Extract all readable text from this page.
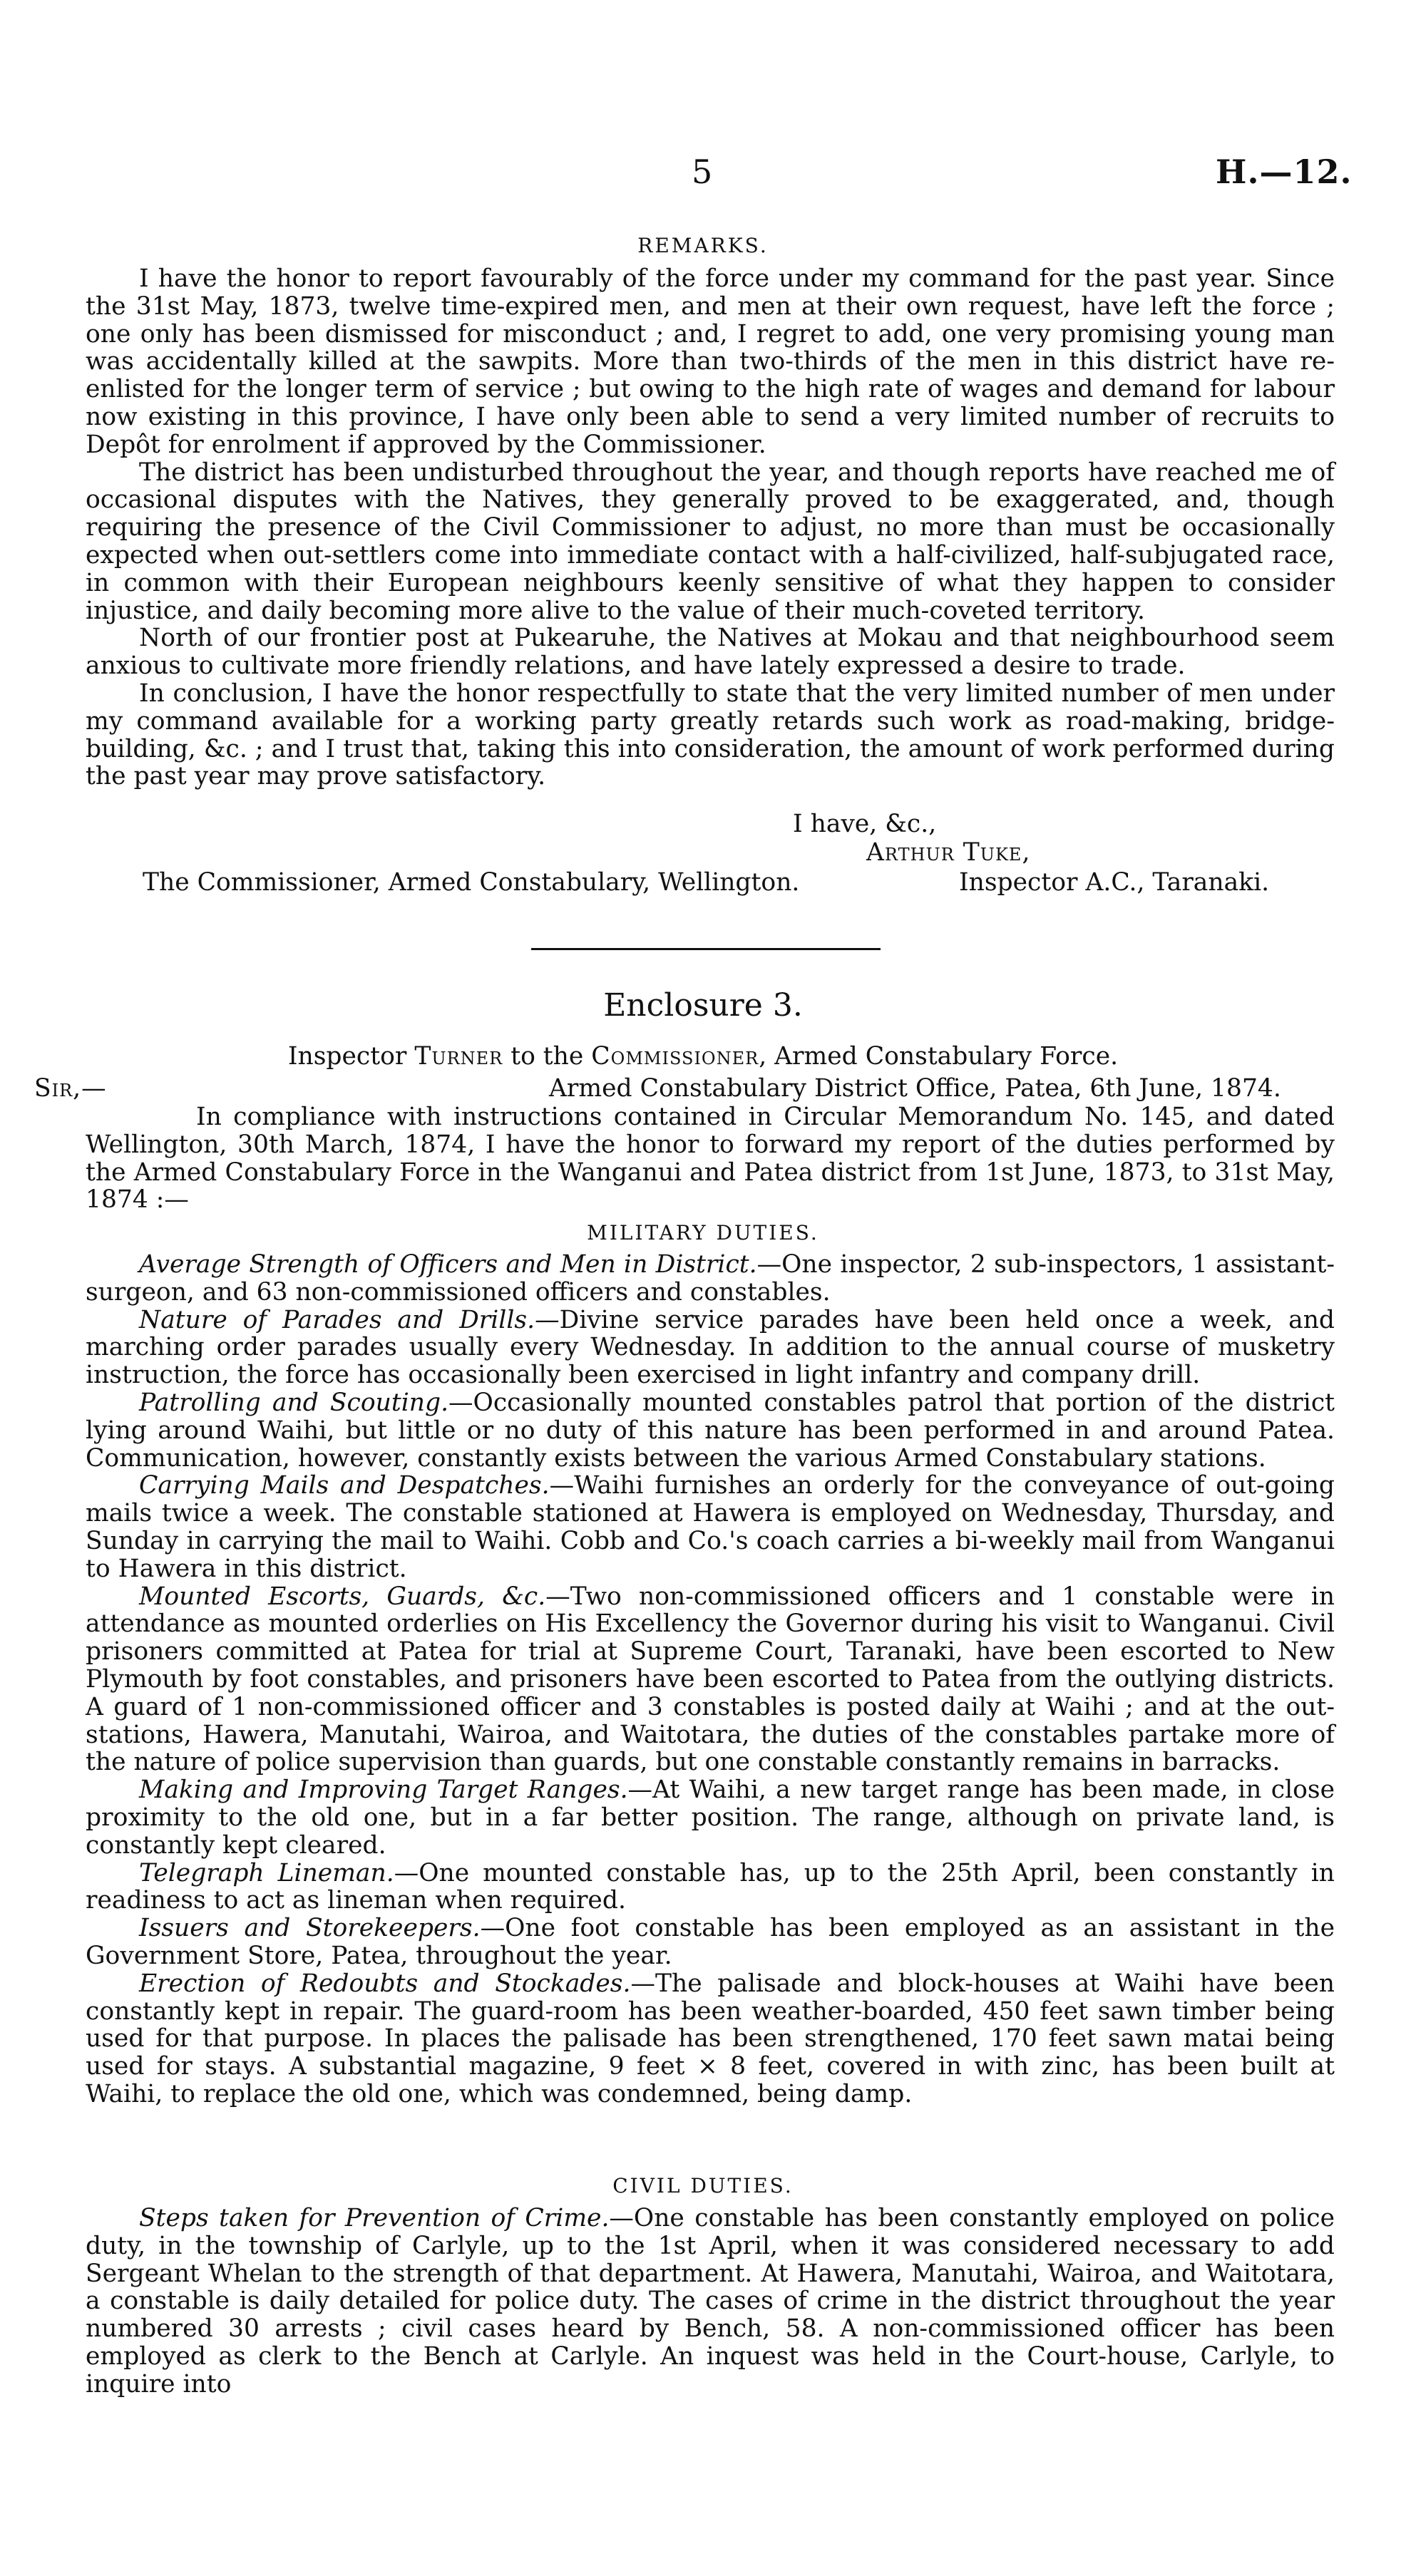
5	H.—12.
REMARKS.

I have the honor to report favourably of the force under my command for the past year. Since the 31st May, 1873, twelve time-expired men, and men at their own request, have left the force ; one only has been dismissed for misconduct ; and, I regret to add, one very promising young man was accidentally killed at the sawpits. More than two-thirds of the men in this district have re-enlisted for the longer term of service ; but owing to the high rate of wages and demand for labour now existing in this province, I have only been able to send a very limited number of recruits to Depôt for enrolment if approved by the Commissioner.

The district has been undisturbed throughout the year, and though reports have reached me of occasional disputes with the Natives, they generally proved to be exaggerated, and, though requiring the presence of the Civil Commissioner to adjust, no more than must be occasionally expected when out-settlers come into immediate contact with a half-civilized, half-subjugated race, in common with their European neighbours keenly sensitive of what they happen to consider injustice, and daily becoming more alive to the value of their much-coveted territory.

North of our frontier post at Pukearuhe, the Natives at Mokau and that neighbourhood seem anxious to cultivate more friendly relations, and have lately expressed a desire to trade.

In conclusion, I have the honor respectfully to state that the very limited number of men under my command available for a working party greatly retards such work as road-making, bridge-building, &c. ; and I trust that, taking this into consideration, the amount of work performed during the past year may prove satisfactory.

I have, &c.,
Arthur Tuke,
The Commissioner, Armed Constabulary, Wellington.	Inspector A.C., Taranaki.
Enclosure 3.
Inspector Turner to the Commissioner, Armed Constabulary Force.
Sir,—	Armed Constabulary District Office, Patea, 6th June, 1874.

In compliance with instructions contained in Circular Memorandum No. 145, and dated Wellington, 30th March, 1874, I have the honor to forward my report of the duties performed by the Armed Constabulary Force in the Wanganui and Patea district from 1st June, 1873, to 31st May, 1874 :—

MILITARY DUTIES.

Average Strength of Officers and Men in District.—One inspector, 2 sub-inspectors, 1 assistant-surgeon, and 63 non-commissioned officers and constables.

Nature of Parades and Drills.—Divine service parades have been held once a week, and marching order parades usually every Wednesday. In addition to the annual course of musketry instruction, the force has occasionally been exercised in light infantry and company drill.

Patrolling and Scouting.—Occasionally mounted constables patrol that portion of the district lying around Waihi, but little or no duty of this nature has been performed in and around Patea. Communication, however, constantly exists between the various Armed Constabulary stations.

Carrying Mails and Despatches.—Waihi furnishes an orderly for the conveyance of out-going mails twice a week. The constable stationed at Hawera is employed on Wednesday, Thursday, and Sunday in carrying the mail to Waihi. Cobb and Co.'s coach carries a bi-weekly mail from Wanganui to Hawera in this district.

Mounted Escorts, Guards, &c.—Two non-commissioned officers and 1 constable were in attendance as mounted orderlies on His Excellency the Governor during his visit to Wanganui. Civil prisoners committed at Patea for trial at Supreme Court, Taranaki, have been escorted to New Plymouth by foot constables, and prisoners have been escorted to Patea from the outlying districts. A guard of 1 non-commissioned officer and 3 constables is posted daily at Waihi ; and at the out-stations, Hawera, Manutahi, Wairoa, and Waitotara, the duties of the constables partake more of the nature of police supervision than guards, but one constable constantly remains in barracks.

Making and Improving Target Ranges.—At Waihi, a new target range has been made, in close proximity to the old one, but in a far better position. The range, although on private land, is constantly kept cleared.

Telegraph Lineman.—One mounted constable has, up to the 25th April, been constantly in readiness to act as lineman when required.

Issuers and Storekeepers.—One foot constable has been employed as an assistant in the Government Store, Patea, throughout the year.

Erection of Redoubts and Stockades.—The palisade and block-houses at Waihi have been constantly kept in repair. The guard-room has been weather-boarded, 450 feet sawn timber being used for that purpose. In places the palisade has been strengthened, 170 feet sawn matai being used for stays. A substantial magazine, 9 feet × 8 feet, covered in with zinc, has been built at Waihi, to replace the old one, which was condemned, being damp.

CIVIL DUTIES.

Steps taken for Prevention of Crime.—One constable has been constantly employed on police duty, in the township of Carlyle, up to the 1st April, when it was considered necessary to add Sergeant Whelan to the strength of that department. At Hawera, Manutahi, Wairoa, and Waitotara, a constable is daily detailed for police duty. The cases of crime in the district throughout the year numbered 30 arrests ; civil cases heard by Bench, 58. A non-commissioned officer has been employed as clerk to the Bench at Carlyle. An inquest was held in the Court-house, Carlyle, to inquire into
